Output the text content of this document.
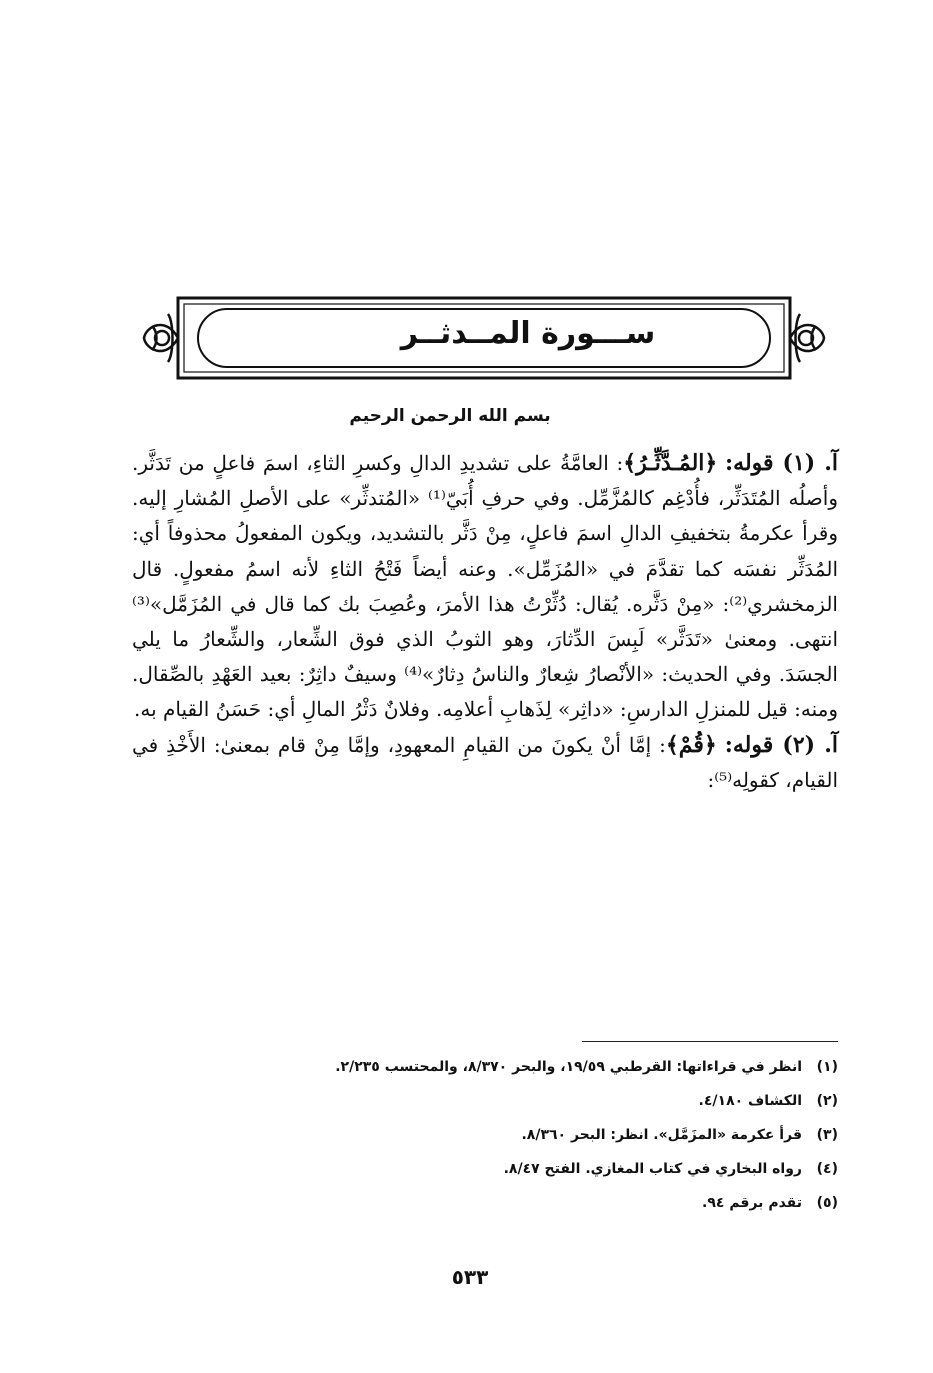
ســـورة المــدثــر
بسم الله الرحمن الرحيم

آ. (١) قوله: ﴿المُـدَّثِّـرُ﴾: العامَّةُ على تشديدِ الدالِ وكسرِ الثاءِ، اسمَ فاعلٍ من تَدَثَّر. وأصلُه المُتَدَثِّر، فأُدْغِم كالمُزَّمِّل. وفي حرفِ أُبَيّ⁽¹⁾ «المُتدثِّر» على الأصلِ المُشارِ إليه. وقرأ عكرمةُ بتخفيفِ الدالِ اسمَ فاعلٍ، مِنْ دَثَّر بالتشديد، ويكون المفعولُ محذوفاً أي: المُدَثِّر نفسَه كما تقدَّمَ في «المُزَمِّل». وعنه أيضاً فَتْحُ الثاءِ لأنه اسمُ مفعولٍ. قال الزمخشري⁽²⁾: «مِنْ دَثَّره. يُقال: دُثِّرْتُ هذا الأمرَ، وعُصِبَ بك كما قال في المُزَمَّل»⁽³⁾ انتهى. ومعنىٰ «تَدَثَّر» لَبِسَ الدِّثارَ، وهو الثوبُ الذي فوق الشِّعار، والشِّعارُ ما يلي الجسَدَ. وفي الحديث: «الأنْصارُ شِعارٌ والناسُ دِثارٌ»⁽⁴⁾ وسيفٌ داثِرٌ: بعيد العَهْدِ بالصِّقال. ومنه: قيل للمنزلِ الدارسِ: «داثِر» لِذَهابِ أعلامِه. وفلانٌ دَثْرُ المالِ أي: حَسَنُ القيام به.

آ. (٢) قوله: ﴿قُمْ﴾: إمَّا أنْ يكونَ من القيامِ المعهودِ، وإمَّا مِنْ قام بمعنىٰ: الأَخْذِ في القيام، كقولِه⁽⁵⁾:

(١)انظر في قراءاتها: القرطبي ١٩/٥٩، والبحر ٨/٣٧٠، والمحتسب ٢/٢٣٥.
(٢)الكشاف ٤/١٨٠.
(٣)قرأ عكرمة «المزَمَّل». انظر: البحر ٨/٣٦٠.
(٤)رواه البخاري في كتاب المغازي. الفتح ٨/٤٧.
(٥)تقدم برقم ٩٤.
٥٣٣
